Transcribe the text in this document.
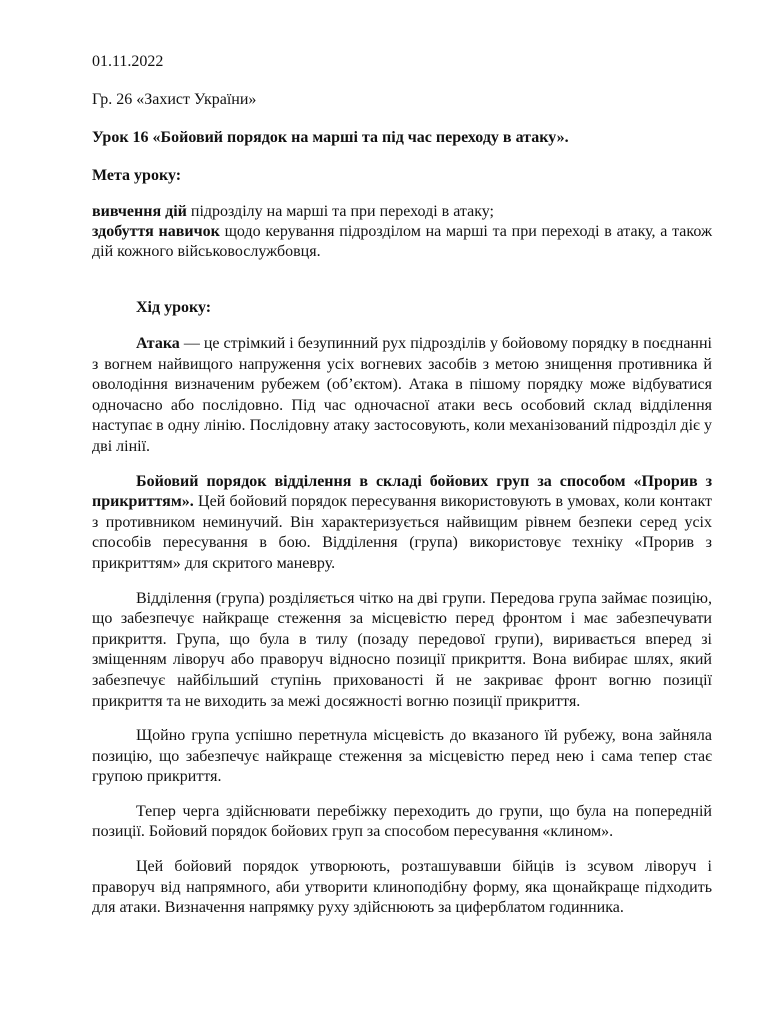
01.11.2022

Гр. 26 «Захист України»

Урок 16 «Бойовий порядок на марші та під час переходу в атаку».

Мета уроку:

вивчення дій підрозділу на марші та при переході в атаку;

здобуття навичок щодо керування підрозділом на марші та при переході в атаку, а також дій кожного військовослужбовця.

Хід уроку:

Атака — це стрімкий і безупинний рух підрозділів у бойовому порядку в поєднанні з вогнем найвищого напруження усіх вогневих засобів з метою знищення противника й оволодіння визначеним рубежем (об’єктом). Атака в пішому порядку може відбуватися одночасно або послідовно. Під час одночасної атаки весь особовий склад відділення наступає в одну лінію. Послідовну атаку застосовують, коли механізований підрозділ діє у дві лінії.

Бойовий порядок відділення в складі бойових груп за способом «Прорив з прикриттям». Цей бойовий порядок пересування використовують в умовах, коли контакт з противником неминучий. Він характеризується найвищим рівнем безпеки серед усіх способів пересування в бою. Відділення (група) використовує техніку «Прорив з прикриттям» для скритого маневру.

Відділення (група) розділяється чітко на дві групи. Передова група займає позицію, що забезпечує найкраще стеження за місцевістю перед фронтом і має забезпечувати прикриття. Група, що була в тилу (позаду передової групи), виривається вперед зі зміщенням ліворуч або праворуч відносно позиції прикриття. Вона вибирає шлях, який забезпечує найбільший ступінь прихованості й не закриває фронт вогню позиції прикриття та не виходить за межі досяжності вогню позиції прикриття.

Щойно група успішно перетнула місцевість до вказаного їй рубежу, вона зайняла позицію, що забезпечує найкраще стеження за місцевістю перед нею і сама тепер стає групою прикриття.

Тепер черга здійснювати перебіжку переходить до групи, що була на попередній позиції. Бойовий порядок бойових груп за способом пересування «клином».

Цей бойовий порядок утворюють, розташувавши бійців із зсувом ліворуч і праворуч від напрямного, аби утворити клиноподібну форму, яка щонайкраще підходить для атаки. Визначення напрямку руху здійснюють за циферблатом годинника.
